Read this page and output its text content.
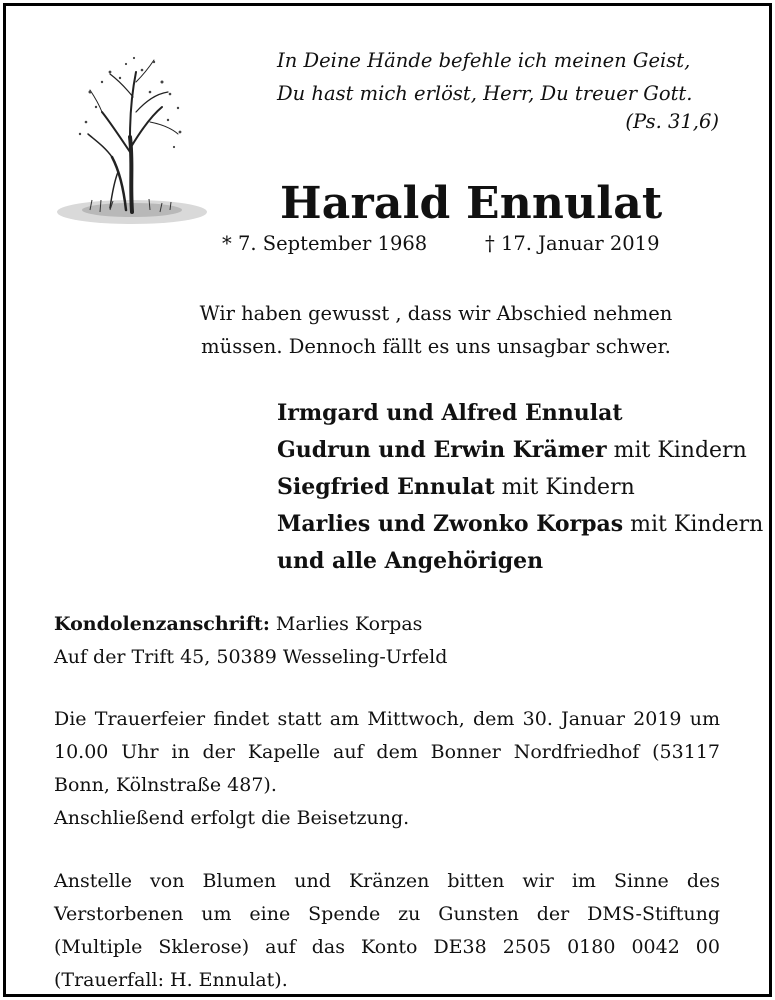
In Deine Hände befehle ich meinen Geist,
Du hast mich erlöst, Herr, Du treuer Gott.
(Ps. 31,6)
Harald Ennulat
* 7. September 1968	† 17. Januar 2019
Wir haben gewusst , dass wir Abschied nehmen
müssen. Dennoch fällt es uns unsagbar schwer.
Irmgard und Alfred Ennulat
Gudrun und Erwin Krämer mit Kindern
Siegfried Ennulat mit Kindern
Marlies und Zwonko Korpas mit Kindern
und alle Angehörigen
Kondolenzanschrift: Marlies Korpas
Auf der Trift 45, 50389 Wesseling-Urfeld
Die Trauerfeier findet statt am Mittwoch, dem 30. Januar 2019 um 10.00 Uhr in der Kapelle auf dem Bonner Nordfriedhof (53117 Bonn, Kölnstraße 487).
Anschließend erfolgt die Beisetzung.
Anstelle von Blumen und Kränzen bitten wir im Sinne des Verstorbenen um eine Spende zu Gunsten der DMS-Stiftung (Multiple Sklerose) auf das Konto DE38 2505 0180 0042 00 (Trauerfall: H. Ennulat).
